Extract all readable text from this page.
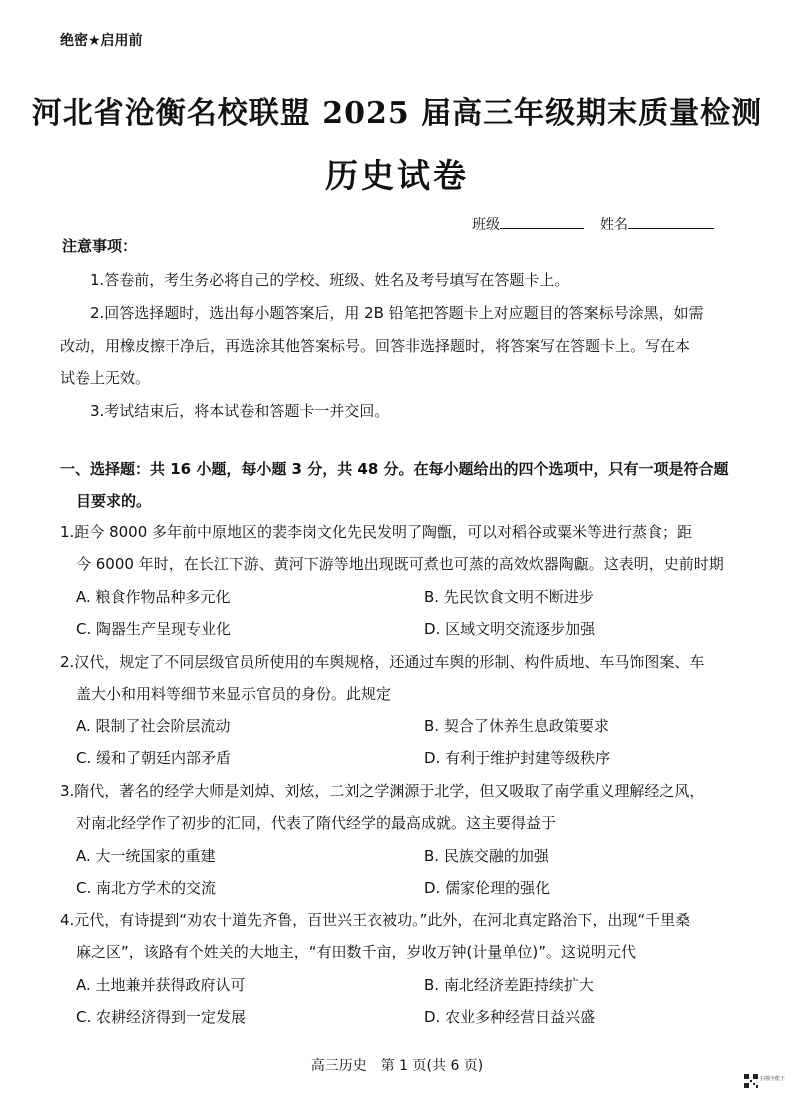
绝密★启用前
河北省沧衡名校联盟 2025 届高三年级期末质量检测
历史试卷
班级	姓名
注意事项：
1.答卷前，考生务必将自己的学校、班级、姓名及考号填写在答题卡上。
2.回答选择题时，选出每小题答案后，用 2B 铅笔把答题卡上对应题目的答案标号涂黑，如需
改动，用橡皮擦干净后，再选涂其他答案标号。回答非选择题时，将答案写在答题卡上。写在本
试卷上无效。
3.考试结束后，将本试卷和答题卡一并交回。
一、选择题：共 16 小题，每小题 3 分，共 48 分。在每小题给出的四个选项中，只有一项是符合题
目要求的。
1.距今 8000 多年前中原地区的裴李岗文化先民发明了陶甑，可以对稻谷或粟米等进行蒸食；距
今 6000 年时，在长江下游、黄河下游等地出现既可煮也可蒸的高效炊器陶甗。这表明，史前时期
A. 粮食作物品种多元化	B. 先民饮食文明不断进步
C. 陶器生产呈现专业化	D. 区域文明交流逐步加强
2.汉代，规定了不同层级官员所使用的车舆规格，还通过车舆的形制、构件质地、车马饰图案、车
盖大小和用料等细节来显示官员的身份。此规定
A. 限制了社会阶层流动	B. 契合了休养生息政策要求
C. 缓和了朝廷内部矛盾	D. 有利于维护封建等级秩序
3.隋代，著名的经学大师是刘焯、刘炫，二刘之学渊源于北学，但又吸取了南学重义理解经之风，
对南北经学作了初步的汇同，代表了隋代经学的最高成就。这主要得益于
A. 大一统国家的重建	B. 民族交融的加强
C. 南北方学术的交流	D. 儒家伦理的强化
4.元代，有诗提到“劝农十道先齐鲁，百世兴王衣被功。”此外，在河北真定路治下，出现“千里桑
麻之区”，该路有个姓关的大地主，“有田数千亩，岁收万钟(计量单位)”。这说明元代
A. 土地兼并获得政府认可	B. 南北经济差距持续扩大
C. 农耕经济得到一定发展	D. 农业多种经营日益兴盛
高三历史　第 1 页(共 6 页)
扫描全能王
